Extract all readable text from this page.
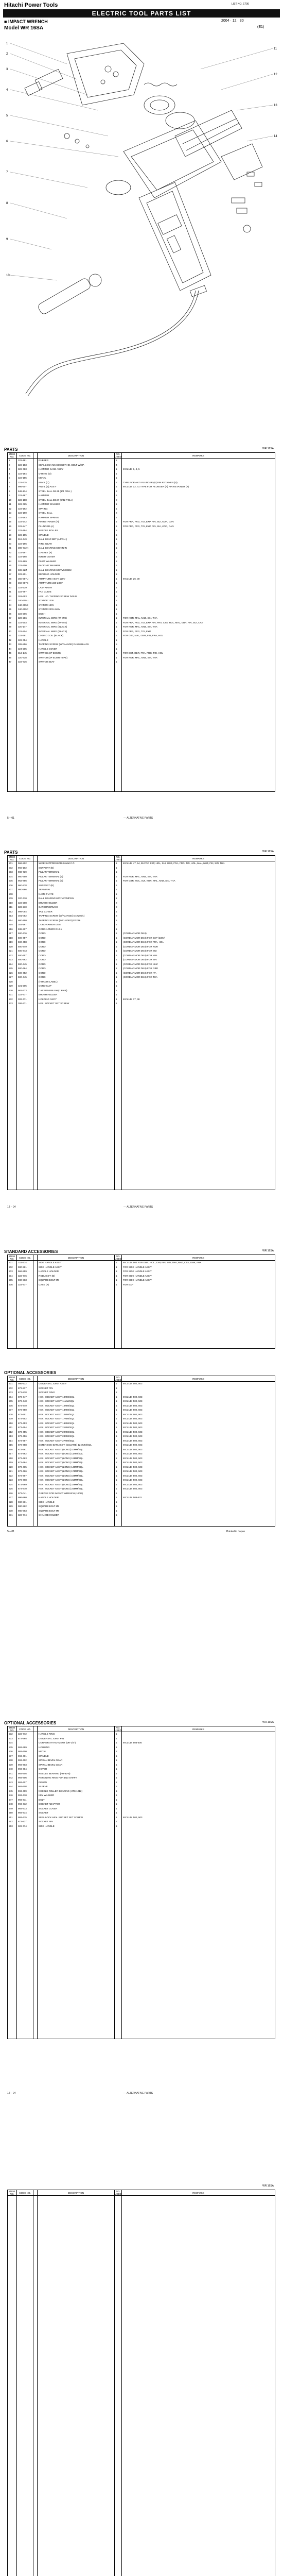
Hitachi Power Tools	LIST NO. E706
ELECTRIC TOOL PARTS LIST
■ IMPACT WRENCH	2004 · 12 · 30
Model WR 16SA	(E1)
1
2
3
4
5
6
7
8
9
10
11
12
13
14
PARTS	WR 16SA
ITEM NO.	CODE NO.		DESCRIPTION	NO. USED	REMARKS
1	322-181		RUBBER	1	
2	322-183		SEAL LOCK M5 SOCKET HD. BOLT W/SP.	4	
3	322-783		HAMMER CASE ASS'Y	1	INCLUD. 1, 4, 5
4	322-184		O-RING (M)	1	
5	322-185		METAL	1	
6	322-775		ANVIL (C)	1	TYPE FOR ANTI PLUNGER (A) PIN RETAINER (A)
7	995-507		ANVIL (B) ASS'Y	1	INCLUD. 12, 41 TYPE FOR PLUNGER (A) PIN RETAINER (A)
8	949-134		STEEL BALL D6.35 (1/4 POLI.)	2	
9	322-187		HAMMER	1	
10	322-188		STEEL BALL D3.97 (5/32 POLI.)	2	
11	322-765		HAMMER WASHER	1	
12	322-192		SPRING	1	
13	322-190		STEEL BALL	2	
14	322-193		HAMMER SPRING	1	
15	322-242		PIN RETAINER (A)	1	FOR FRA, FRG, TOI, EXP, FIN, SUI, KOR, CAN
16	322-247		PLUNGER (A)	1	FOR FRA, FRG, TOI, EXP, FIN, SUI, KOR, CAN
17	322-194		NEEDLE ROLLER	2	
18	322-195		SPINDLE	1	
19	918-449		BALL BEAR BET (A POLI.)	1	
20	322-196		RING GEAR	1	
21	308-712N		BALL BEARING 6907ZZ-N	1	
22	322-197		GASKET (A)	1	
23	322-198		INNER COVER	1	
24	322-199		PILOT WASHER	1	
25	322-200		PACKING WASHER	1	
26	608-2ZZ		BALL BEARING 608VVMCBE2	1	
27	322-201		BEARING HOLDER	1	
28	360-687U		ARMATURE ASS'Y 120V	1	INCLUD. 26, 30
29	360-687C		ARMATURE 220-230V	1	
30	322-239		LABYRINTH	1	
31	322-797		FAN GUIDE	1	
32	301-653		HEX. HD. TAPPING SCREW D4X45	2	
33	340-605U		STATOR 120V	1	
34	340-605E		STATOR 120V	1	
35	340-605C		STATOR 220V-240V	1	
36	322-206		BUSH	1	
37	320-286		INTERNAL WIRE (WHITE)	1	FOR KOR, MAL, NHZ, SIN, THA
38	322-203		INTERNAL WIRE (WHITE)	1	FOR FRA, FRG, TOI, EXP, FIN, FRA, CTS, HOL, MAL, GBR, FIN, SUI, CAN
39	320-147		INTERNAL WIRE (BLACK)	1	FOR KOR, MAL, NHZ, SIN, THA
40	322-204		INTERNAL WIRE (BLACK)	1	FOR FRA, FRG, TOI, EXP
41	322-791		CHORD COIL (BLACK)	1	FOR GBT, MAL, GBR, FIN, FRA, HOL
42	322-754		HANDLE	1	
43	305-856		TAPPING SCREW (W/FLANGE) D4X20 BLACK	5	
44	324-205		HANDLE COVER	1	
45	313-145		SWITCH (3P ECMR)	1	FOR EXT, GBR, FRA, FRG, TOI, HOL
46	320-738		SWITCH (3P ECMR TYPE)	1	FOR KOR, MAL, NHZ, SIN, THA
47	322-736		SWITCH SEAT	1	

5 – 01	--- ALTERNATIVE PARTS
PARTS	WR 16SA
ITEM NO.	CODE NO.		DESCRIPTION	NO. USED	REMARKS
501	966-902		WIRE SUPPRESSOR 0.6MM C.P.	1	INCLUD. 47, 54, 55 FOR EXP, HOL, SUI, GBR, FRA, FRG, TOI, HOL, MAL, NHZ, FIN, SIN, THA
502	966-102		SUPPORT (B)	1	
503	980-739		PILLAR TERMINAL	1	
504	980-750		PILLAR TERMINAL (B)	1	FOR KOR, MAL, NHZ, SIN, THA
505	962-456		PILLAR TERMINAL (B)	1	FOR GBR, HOL, SUI, KOR, MAL, NHZ, SIN, THA
506	960-278		SUPPORT (B)	1	
507	980-566		TERMINAL	1	
508			NAME PLATE	1	
509	320-710		BALL BEARING 6001VVCMPS2L	1	
510	322-208		BRUSH HOLDER	2	
511	322-210		CARBON BRUSH	2	
512	999-054		TAIL COVER	1	
513	301-052		TAPPING SCREW (W/FLANGE) D4X20 (A)	2	
514	980-150		TAPPING SCREW (INCLUDED) D3X16	1	
515	302-167		CORD ARMOR D8.8	1	
516	938-307		CORD ARMOR D10.1	1	
517	500-476		CORD	1	(CORD ARMOR D8.8)
518	500-457		CORD	1	(CORD ARMOR D8.8) FOR EXP (230V)
519	500-458		CORD	1	(CORD ARMOR D8.8) FOR FRA, HOL
520	500-449		CORD	1	(CORD ARMOR D8.8) FOR KOR
521	500-443		CORD	1	(CORD ARMOR D8.8) FOR SUI
522	500-457		CORD	1	(CORD ARMOR D8.8) FOR MAL
523	500-462		CORD	1	(CORD ARMOR D8.8) FOR SIN
524	500-445		CORD	1	(CORD ARMOR D8.8) FOR NHZ
525	500-464		CORD	1	(CORD ARMOR D8.8) FOR GBR
526	500-452		CORD	1	(CORD ARMOR D8.8) FOR ITA
527	500-445		CORD	1	(CORD ARMOR D8.8) FOR THA
528			(HITACHI LABEL)	1	
529	321-205		CORD CLIP	1	
530	981-373		CARBON BRUSH (1 PAIR)	1	
531	322-777		BRUSH HOLDER	1	
532	326-771		HOLDING ASS'Y	1	INCLUD. 37, 38
533	306-371		HEX. SOCKET SET SCREW	1	

12 – 04	--- ALTERNATIVE PARTS
STANDARD ACCESSORIES	WR 16SA
ITEM NO.	CODE NO.		DESCRIPTION	NO. USED	REMARKS
501	322-774		SIDE HANDLE ASS'Y	1	INCLUD. 502 FOR GBR, HOL, EXP, FIN, SIN, THA, NHZ, CTS, GBR, FRA
502	980-961		SIDE HANDLE ASS'Y	1	FOR SIDE HANDLE ASS'Y
503	966-959		HANDLE HOLDER	1	FOR SIDE HANDLE ASS'Y
504	322-776		ROD ASS'Y (B)	1	FOR SIDE HANDLE ASS'Y
505	980-963		SQUARE BOLT M8	1	FOR SIDE HANDLE ASS'Y
506	322-777		CASE (A)	1	FOR EXP

OPTIONAL ACCESSORIES
ITEM NO.	CODE NO.		DESCRIPTION	NO. USED	REMARKS
501	996-932		UNIVERSAL JOINT ASS'Y	1	INCLUD. 502, 503
502	873-937		SOCKET PIN	1	
503	873-938		SOCKET RING	1	
504	873-447		HEX. SOCKET ASS'Y 10MM/SQL	1	INCLUD. 502, 503
505	873-448		HEX. SOCKET ASS'Y 11MM/SQL	1	INCLUD. 502, 503
506	873-449		HEX. SOCKET ASS'Y 12MM/SQL	1	INCLUD. 502, 503
507	873-450		HEX. SOCKET ASS'Y 13MM/SQL	1	INCLUD. 502, 503
508	873-451		HEX. SOCKET ASS'Y 14MM/SQL	1	INCLUD. 502, 503
509	873-452		HEX. SOCKET ASS'Y 17MM/SQL	1	INCLUD. 502, 503
510	873-453		HEX. SOCKET ASS'Y 19MM/SQL	1	INCLUD. 502, 503
511	873-454		HEX. SOCKET ASS'Y 21MM/SQL	1	INCLUD. 502, 503
512	873-455		HEX. SOCKET ASS'Y 22MM/SQL	1	INCLUD. 502, 503
513	873-456		HEX. SOCKET ASS'Y 24MM/SQL	1	INCLUD. 502, 503
514	873-457		HEX. SOCKET ASS'Y 27MM/SQL	1	INCLUD. 502, 503
515	873-458		EXTENSION BAR ASS'Y (SQUARE) 12.7MM/SQL	1	INCLUD. 502, 503
516	873-461		HEX. SOCKET ASS'Y (LONG) 10MM/SQL	1	INCLUD. 502, 503
517	873-462		HEX. SOCKET ASS'Y (LONG) 11MM/SQL	1	INCLUD. 502, 503
518	873-463		HEX. SOCKET ASS'Y (LONG) 12MM/SQL	1	INCLUD. 502, 503
519	873-464		HEX. SOCKET ASS'Y (LONG) 13MM/SQL	1	INCLUD. 502, 503
520	873-465		HEX. SOCKET ASS'Y (LONG) 14MM/SQL	1	INCLUD. 502, 503
521	873-466		HEX. SOCKET ASS'Y (LONG) 17MM/SQL	1	INCLUD. 502, 503
522	873-467		HEX. SOCKET ASS'Y (LONG) 19MM/SQL	1	INCLUD. 502, 503
523	873-468		HEX. SOCKET ASS'Y (LONG) 21MM/SQL	1	INCLUD. 502, 503
524	873-469		HEX. SOCKET ASS'Y (LONG) 22MM/SQL	1	INCLUD. 502, 503
525	873-470		HEX. SOCKET ASS'Y (LONG) 24MM/SQL	1	INCLUD. 502, 503
526	973-041		GREASE FOR IMPACT WRENCH (100G)	1	
527	996-980		HANDLE HOLDER	1	INCLUD. 508-532
528	980-961		SIDE HANDLE	1	
529	980-962		SQUARE BOLT M8	1	
530	980-963		SQUARE BOLT M8	1	
531	322-774		CHANGE HOLDER	1	

5 – 01	Printed in Japan
OPTIONAL ACCESSORIES	WR 16SA
ITEM NO.	CODE NO.		DESCRIPTION	NO. USED	REMARKS
532	322-772		HANDLE RING	1	
533	873-465		UNIVERSAL JOINT PIN	1	
534			CORNER ATTACHMENT (DR-1/4")	1	INCLUD. 503-506
535	993-399		HOUSING	1	
536	993-400		METAL	1	
537	993-401		SPINDLE	1	
538	993-402		SPIRAL BEVEL GEAR	1	
539	993-403		SPIRAL BEVEL GEAR	1	
540	993-404		COVER	1	
541	993-405		NEEDLE BEARING (FR-82-8)	1	
542	993-406		RETAINING RING FOR D10 SHAFT	1	
543	993-407		PINION	1	
544	993-408		SLEEVE	1	
545	993-409		NEEDLE ROLLER BEARING (HTS 1012)	1	
546	993-410		KEY WASHER	1	
547	993-411		BOLT	1	
548	993-412		SOCKET ADAPTER	1	
549	993-413		SOCKET COVER	1	
550	993-414		SOCKET	1	
551	993-415		SEAL LOCK HEX. SOCKET SET SCREW	1	INCLUD. 502, 503
552	873-937		SOCKET PIN	1	
553	322-774		SIDE HANDLE	1	

12 – 04	--- ALTERNATIVE PARTS
WR 16SA
ITEM NO.	CODE NO.		DESCRIPTION	NO. USED	REMARKS
